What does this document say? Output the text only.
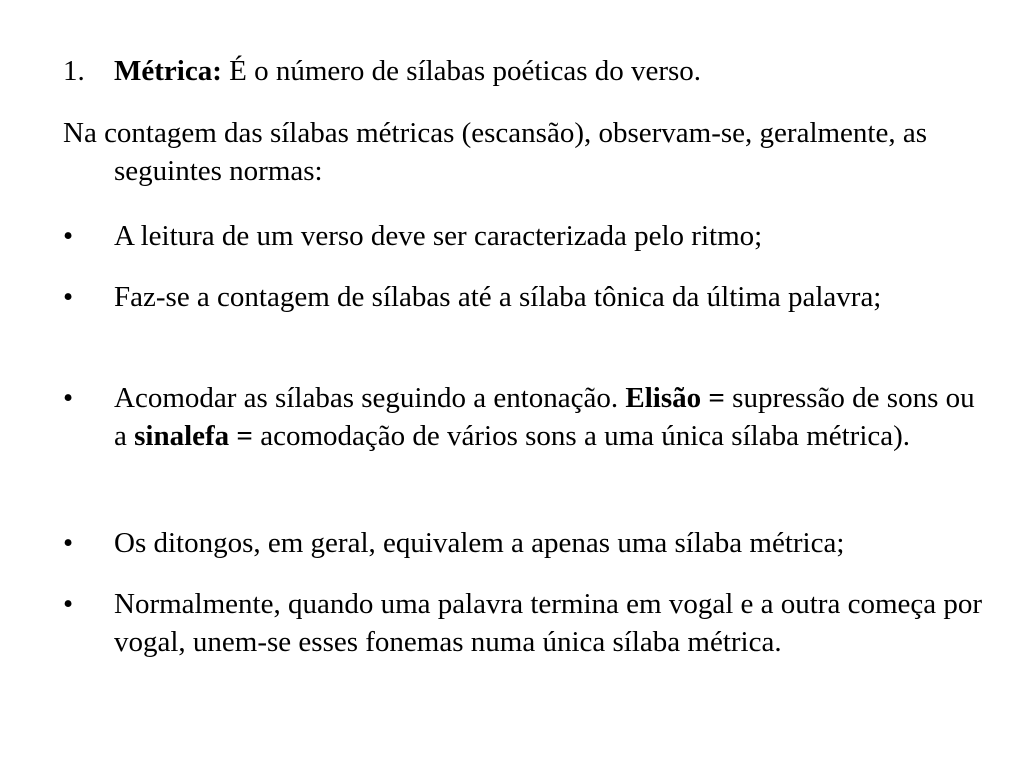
1.	Métrica: É o número de sílabas poéticas do verso.
Na contagem das sílabas métricas (escansão), observam-se, geralmente, as seguintes normas:
•	A leitura de um verso deve ser caracterizada pelo ritmo;
•	Faz-se a contagem de sílabas até a sílaba tônica da última palavra;
•	Acomodar as sílabas seguindo a entonação. Elisão = supressão de sons ou a sinalefa = acomodação de vários sons a uma única sílaba métrica).
•	Os ditongos, em geral, equivalem a apenas uma sílaba métrica;
•	Normalmente, quando uma palavra termina em vogal e a outra começa por vogal, unem-se esses fonemas numa única sílaba métrica.
